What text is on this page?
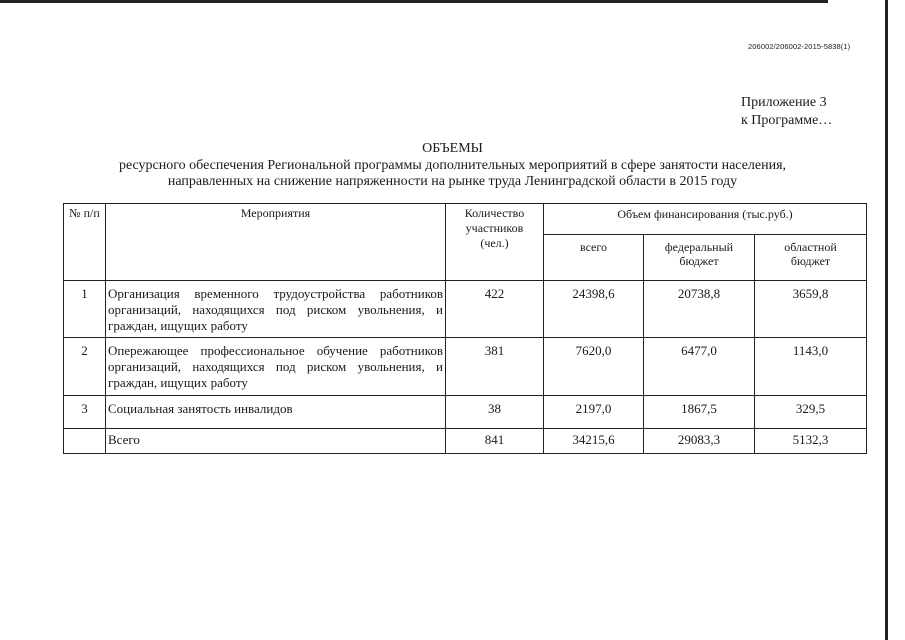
206002/206002-2015-5838(1)
Приложение 3
к Программе…
ОБЪЕМЫ
ресурсного обеспечения Региональной программы дополнительных мероприятий в сфере занятости населения,
направленных на снижение напряженности на рынке труда Ленинградской области в 2015 году
№ п/п	Мероприятия	Количество участников (чел.)	Объем финансирования (тыс.руб.)		
			всего	федеральный бюджет	областной бюджет
1	Организация временного трудоустройства работников организаций, находящихся под риском увольнения, и граждан, ищущих работу	422	24398,6	20738,8	3659,8
2	Опережающее профессиональное обучение работников организаций, находящихся под риском увольнения, и граждан, ищущих работу	381	7620,0	6477,0	1143,0
3	Социальная занятость инвалидов	38	2197,0	1867,5	329,5
	Всего	841	34215,6	29083,3	5132,3
